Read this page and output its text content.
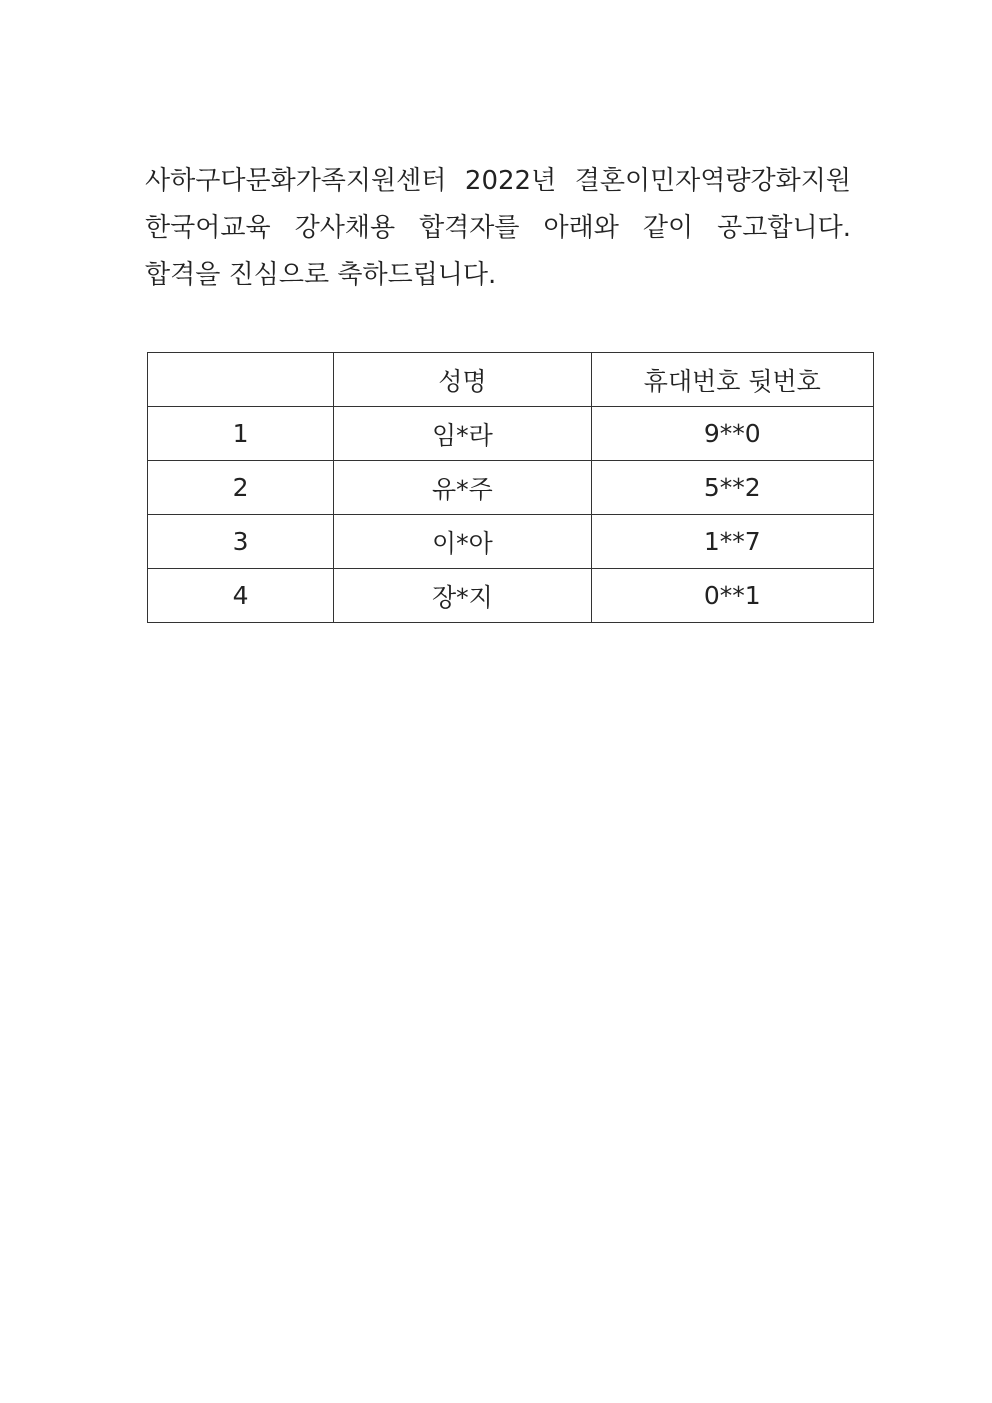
사하구다문화가족지원센터 2022년 결혼이민자역량강화지원
한국어교육 강사채용 합격자를 아래와 같이 공고합니다.
합격을 진심으로 축하드립니다.
	성명	휴대번호 뒷번호
1	임*라	9**0
2	유*주	5**2
3	이*아	1**7
4	장*지	0**1
